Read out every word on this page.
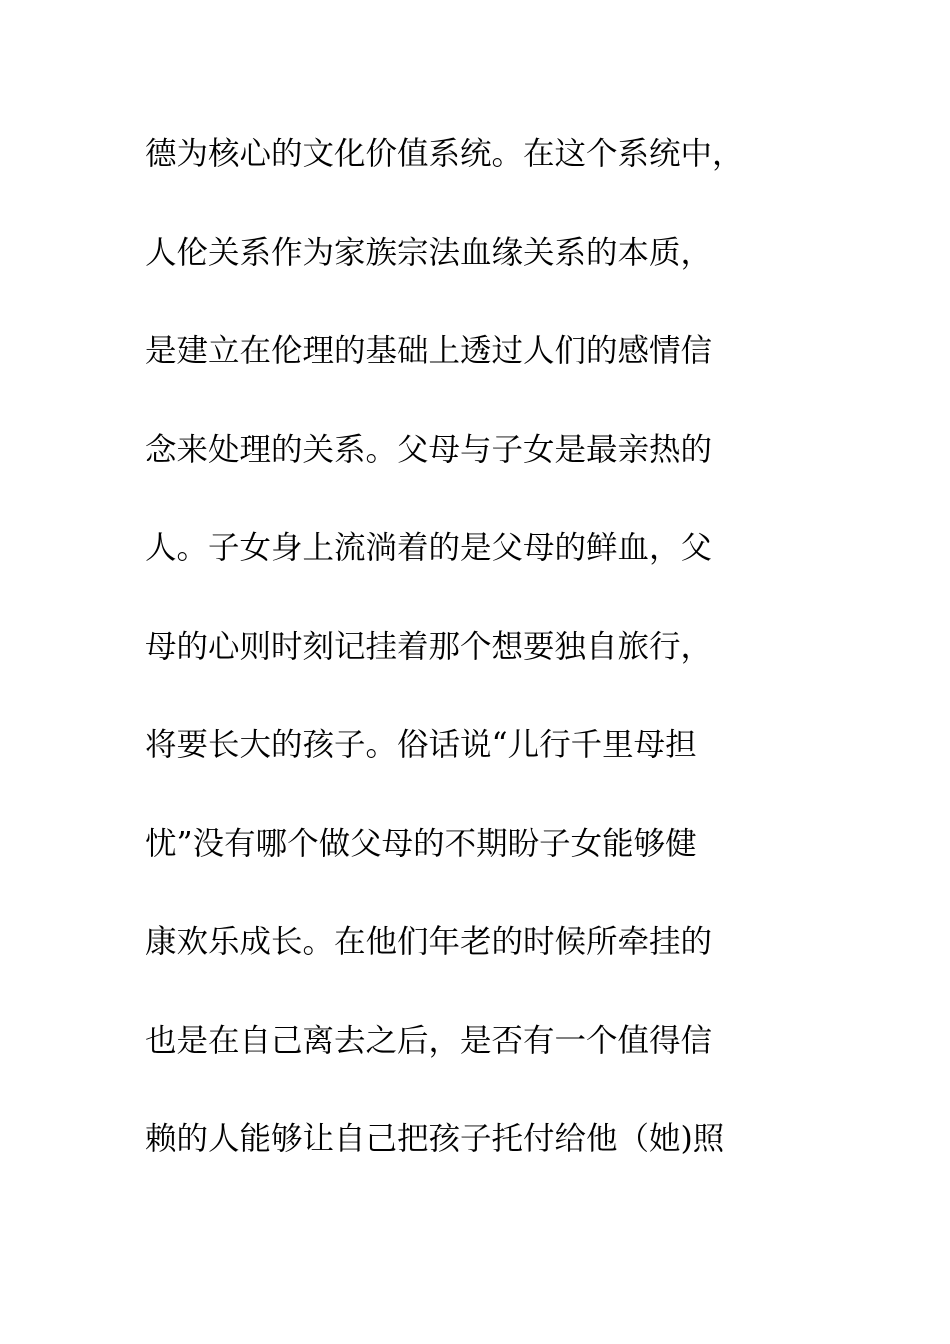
德为核心的文化价值系统。在这个系统中，
人伦关系作为家族宗法血缘关系的本质，
是建立在伦理的基础上透过人们的感情信
念来处理的关系。父母与子女是最亲热的
人。子女身上流淌着的是父母的鲜血，父
母的心则时刻记挂着那个想要独自旅行，
将要长大的孩子。俗话说“儿行千里母担
忧”没有哪个做父母的不期盼子女能够健
康欢乐成长。在他们年老的时候所牵挂的
也是在自己离去之后，是否有一个值得信
赖的人能够让自己把孩子托付给他（她)照
